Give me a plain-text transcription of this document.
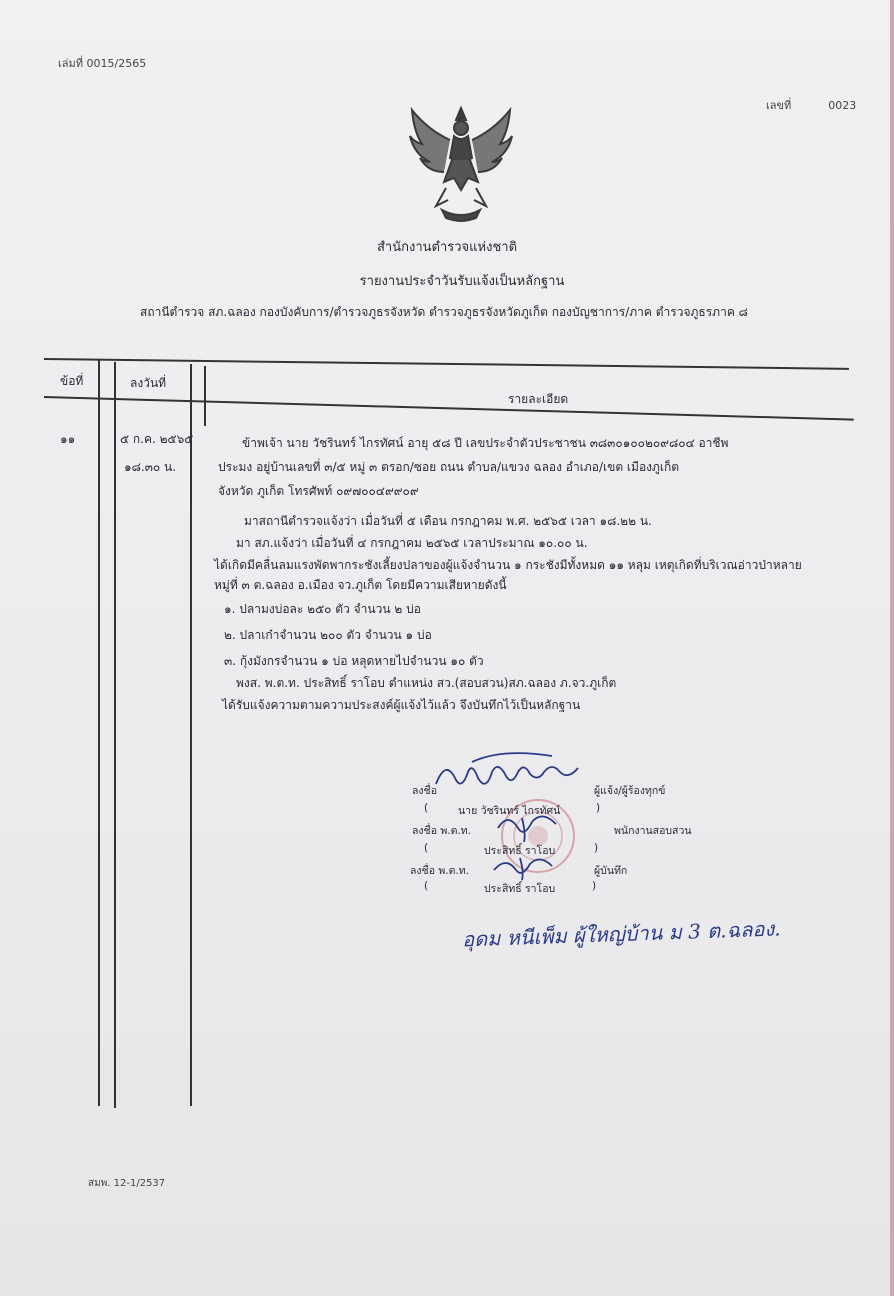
เล่มที่ 0015/2565
เลขที่	0023
สำนักงานตำรวจแห่งชาติ
รายงานประจำวันรับแจ้งเป็นหลักฐาน
สถานีตำรวจ สภ.ฉลอง กองบังคับการ/ตำรวจภูธรจังหวัด ตำรวจภูธรจังหวัดภูเก็ต กองบัญชาการ/ภาค ตำรวจภูธรภาค ๘
ข้อที่	ลงวันที่
รายละเอียด
๑๑	๕ ก.ค. ๒๕๖๕
๑๘.๓๐ น.
ข้าพเจ้า นาย วัชรินทร์ ไกรทัศน์ อายุ ๕๘ ปี เลขประจำตัวประชาชน ๓๘๓๐๑๐๐๒๐๙๘๐๔ อาชีพ
ประมง อยู่บ้านเลขที่ ๓/๕ หมู่ ๓ ตรอก/ซอย ถนน ตำบล/แขวง ฉลอง อำเภอ/เขต เมืองภูเก็ต
จังหวัด ภูเก็ต โทรศัพท์ ๐๙๗๐๐๔๙๙๐๙
มาสถานีตำรวจแจ้งว่า เมื่อวันที่ ๕ เดือน กรกฎาคม พ.ศ. ๒๕๖๕ เวลา ๑๘.๒๒ น.
มา สภ.แจ้งว่า เมื่อวันที่ ๔ กรกฎาคม ๒๕๖๕ เวลาประมาณ ๑๐.๐๐ น.
ได้เกิดมีคลื่นลมแรงพัดพากระชังเลี้ยงปลาของผู้แจ้งจำนวน ๑ กระชังมีทั้งหมด ๑๑ หลุม เหตุเกิดที่บริเวณอ่าวป่าหลาย
หมู่ที่ ๓ ต.ฉลอง อ.เมือง จว.ภูเก็ต โดยมีความเสียหายดังนี้
๑. ปลามงบ่อละ ๒๕๐ ตัว จำนวน ๒ บ่อ
๒. ปลาเก๋าจำนวน ๒๐๐ ตัว จำนวน ๑ บ่อ
๓. กุ้งมังกรจำนวน ๑ บ่อ หลุดหายไปจำนวน ๑๐ ตัว
พงส. พ.ต.ท. ประสิทธิ์ ราโอบ ตำแหน่ง สว.(สอบสวน)สภ.ฉลอง ภ.จว.ภูเก็ต
ได้รับแจ้งความตามความประสงค์ผู้แจ้งไว้แล้ว จึงบันทึกไว้เป็นหลักฐาน
ลงชื่อ	ผู้แจ้ง/ผู้ร้องทุกข์
(	นาย วัชรินทร์ ไกรทัศน์	)
ลงชื่อ พ.ต.ท.	พนักงานสอบสวน
(	ประสิทธิ์ ราโอบ	)
ลงชื่อ พ.ต.ท.	ผู้บันทึก
(	ประสิทธิ์ ราโอบ	)
อุดม หนีเพ็ม ผู้ใหญ่บ้าน ม 3 ต.ฉลอง.
สมพ. 12-1/2537
